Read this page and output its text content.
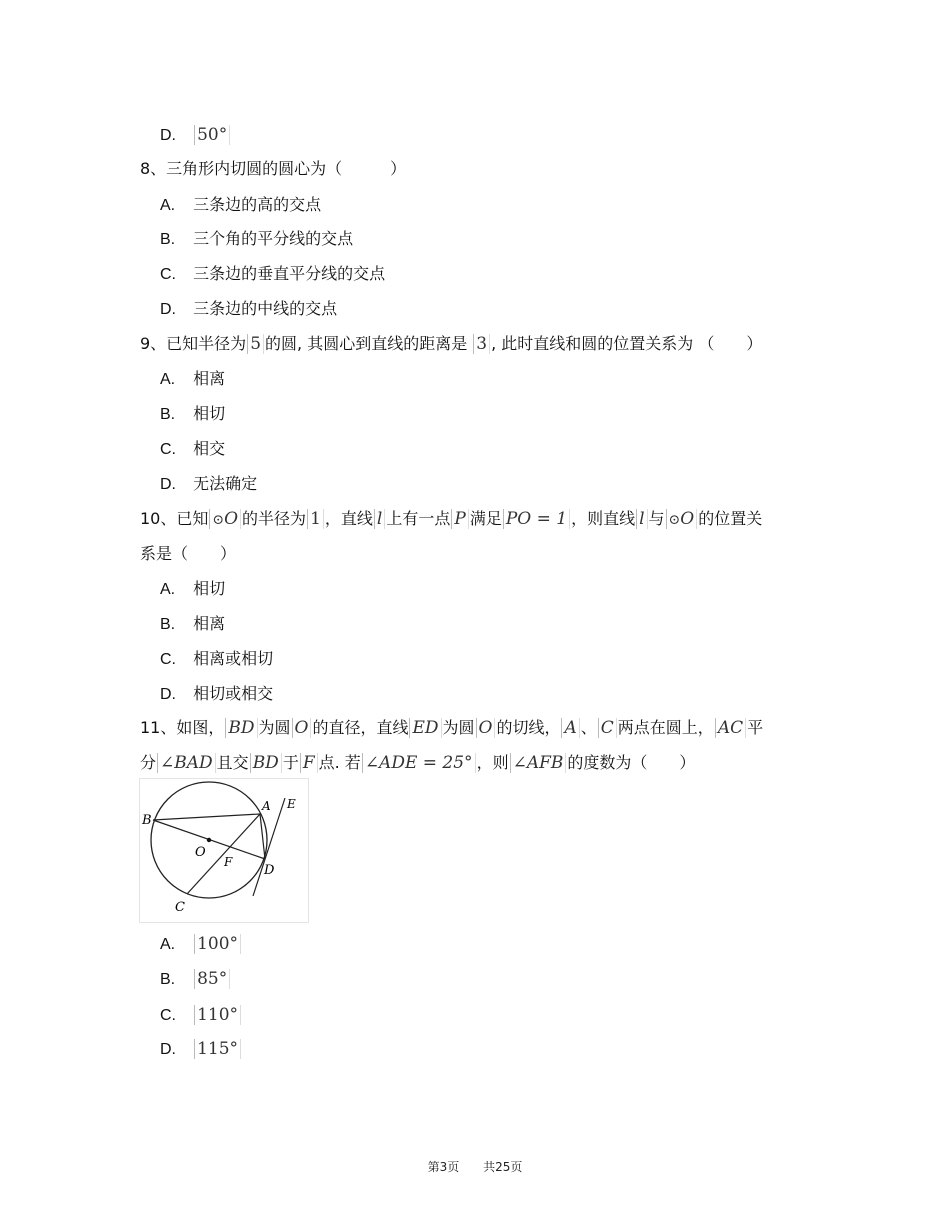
D. 50°
8、三角形内切圆的圆心为（　　　）
A. 三条边的高的交点
B. 三个角的平分线的交点
C. 三条边的垂直平分线的交点
D. 三条边的中线的交点
9、已知半径为 5 的圆, 其圆心到直线的距离是 3 , 此时直线和圆的位置关系为 （　　）
A. 相离
B. 相切
C. 相交
D. 无法确定
10、已知 ⊙O 的半径为 1 ，直线 l 上有一点 P 满足 PO = 1 ，则直线 l 与 ⊙O 的位置关
系是（　　）
A. 相切
B. 相离
C. 相离或相切
D. 相切或相交
11、如图， BD 为圆 O 的直径，直线 ED 为圆 O 的切线， A 、 C 两点在圆上， AC 平
分 ∠BAD 且交 BD 于 F 点. 若 ∠ADE = 25° ，则 ∠AFB 的度数为（　　）
B
A E
O
F
D
C
A. 100°
B. 85°
C. 110°
D. 115°
第3页 共25页
